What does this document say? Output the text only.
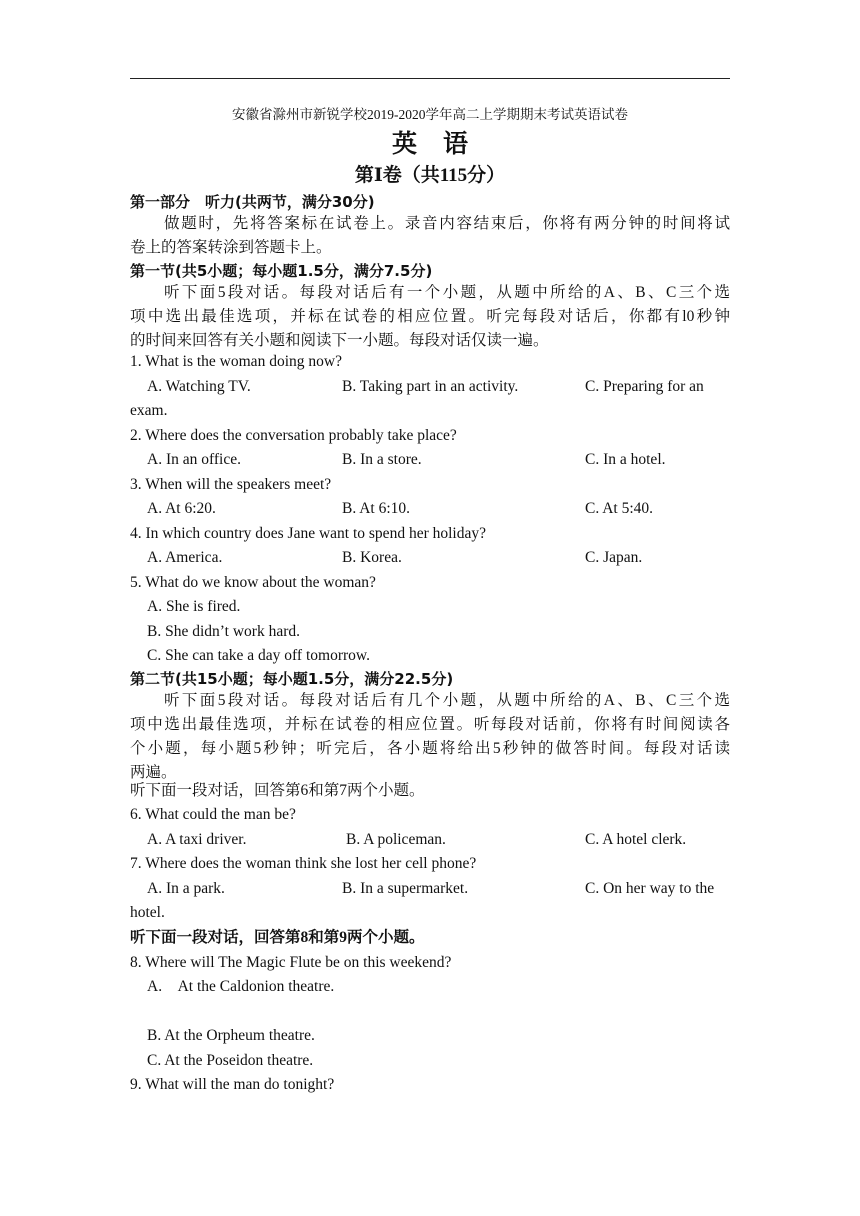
安徽省滁州市新锐学校2019-2020学年高二上学期期末考试英语试卷
英语
第Ⅰ卷（共115分）
第一部分　听力(共两节，满分30分)
做题时，先将答案标在试卷上。录音内容结束后，你将有两分钟的时间将试
卷上的答案转涂到答题卡上。
第一节(共5小题；每小题1.5分，满分7.5分)
听下面5段对话。每段对话后有一个小题，从题中所给的A、B、C三个选
项中选出最佳选项，并标在试卷的相应位置。听完每段对话后，你都有l0秒钟
的时间来回答有关小题和阅读下一小题。每段对话仅读一遍。
1. What is the woman doing now?
A. Watching TV.	B. Taking part in an activity.	C. Preparing for an
exam.
2. Where does the conversation probably take place?
A. In an office.	B. In a store.	C. In a hotel.
3. When will the speakers meet?
A. At 6:20.	B. At 6:10.	C. At 5:40.
4. In which country does Jane want to spend her holiday?
A. America.	B. Korea.	C. Japan.
5. What do we know about the woman?
A. She is fired.
B. She didn’t work hard.
C. She can take a day off tomorrow.
第二节(共15小题；每小题1.5分，满分22.5分)
听下面5段对话。每段对话后有几个小题，从题中所给的A、B、C三个选
项中选出最佳选项，并标在试卷的相应位置。听每段对话前，你将有时间阅读各
个小题，每小题5秒钟；听完后，各小题将给出5秒钟的做答时间。每段对话读
两遍。
听下面一段对话，回答第6和第7两个小题。
6. What could the man be?
A. A taxi driver.	B. A policeman.	C. A hotel clerk.
7. Where does the woman think she lost her cell phone?
A. In a park.	B. In a supermarket.	C. On her way to the
hotel.
听下面一段对话，回答第8和第9两个小题。
8. Where will The Magic Flute be on this weekend?
A.　At the Caldonion theatre.
B. At the Orpheum theatre.
C. At the Poseidon theatre.
9. What will the man do tonight?
